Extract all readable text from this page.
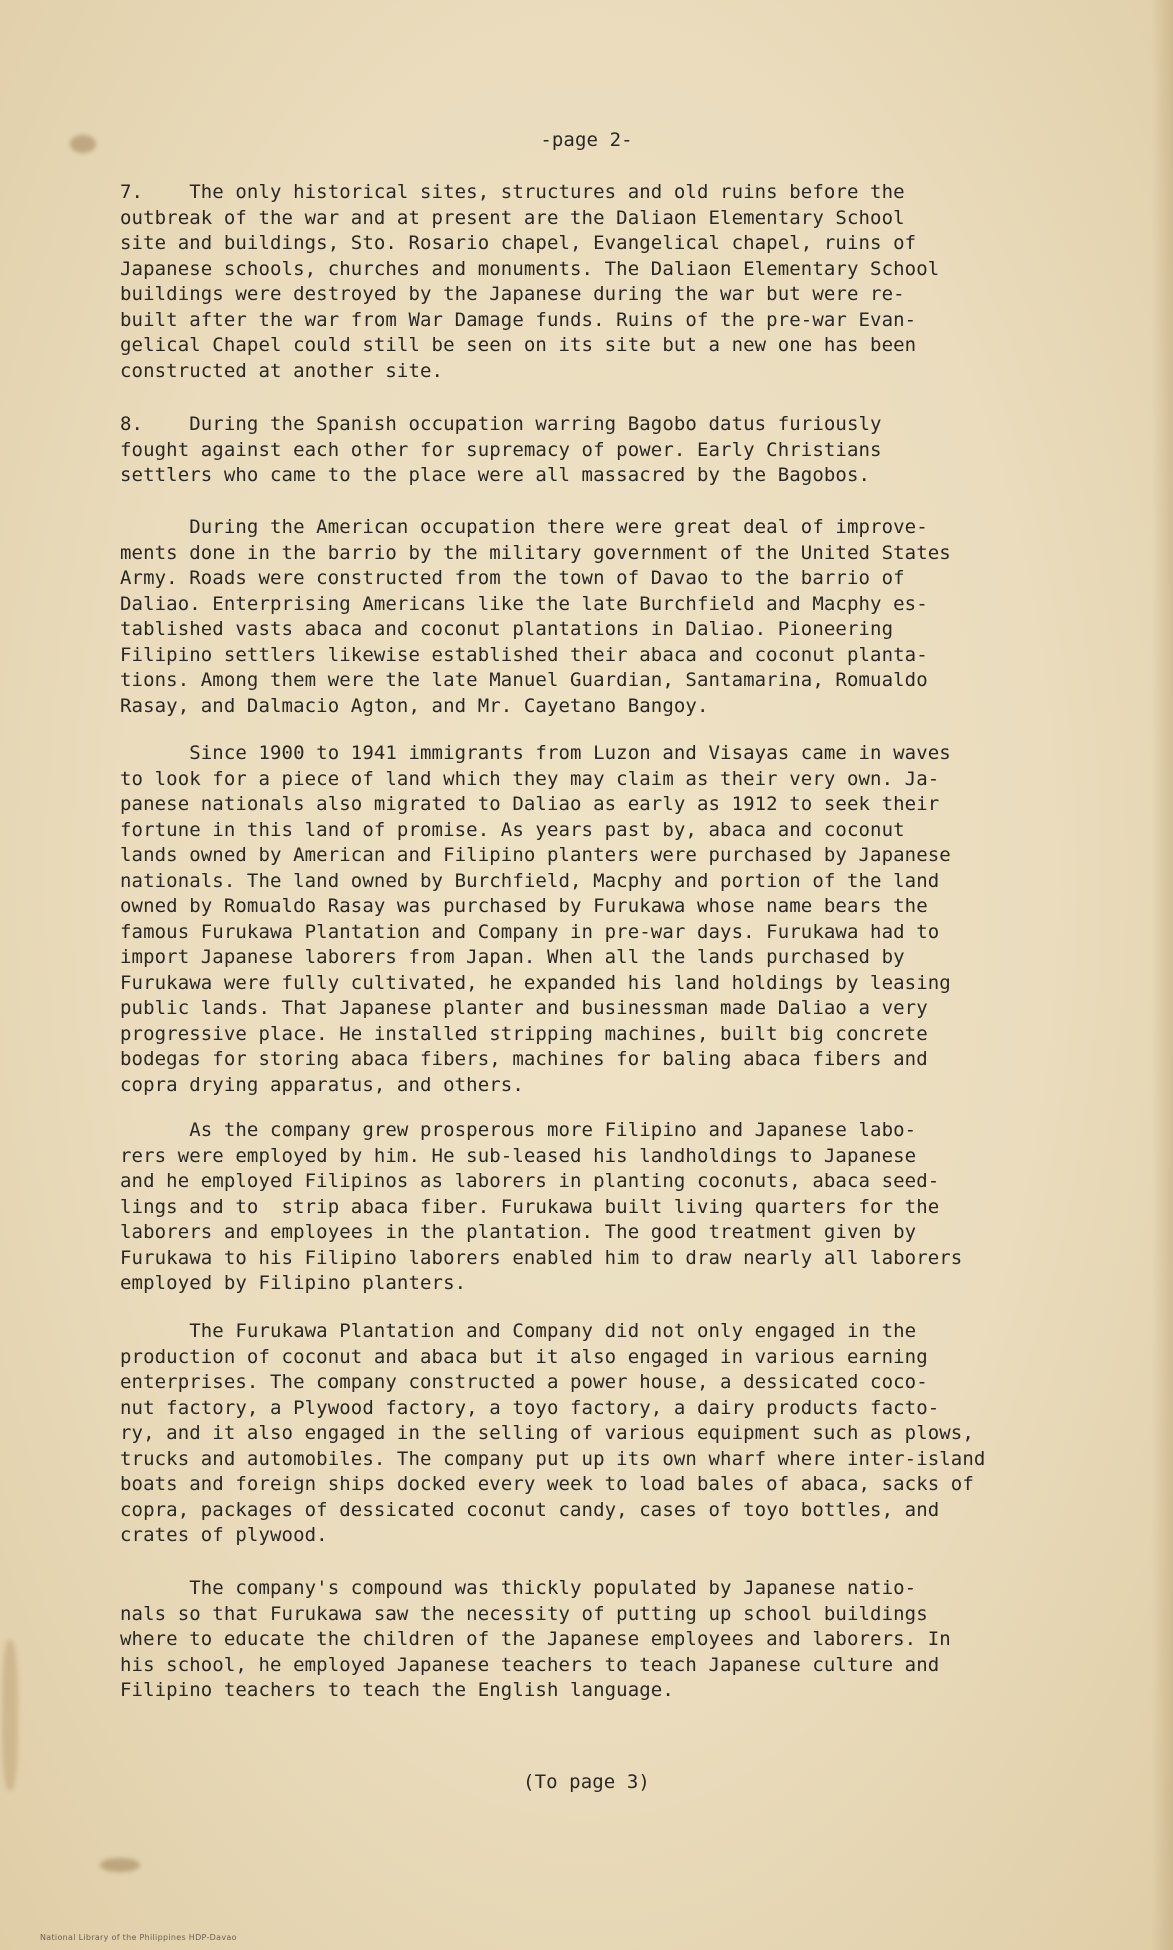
-page 2-
7.    The only historical sites, structures and old ruins before the
outbreak of the war and at present are the Daliaon Elementary School
site and buildings, Sto. Rosario chapel, Evangelical chapel, ruins of
Japanese schools, churches and monuments. The Daliaon Elementary School
buildings were destroyed by the Japanese during the war but were re-
built after the war from War Damage funds. Ruins of the pre-war Evan-
gelical Chapel could still be seen on its site but a new one has been
constructed at another site.
8.    During the Spanish occupation warring Bagobo datus furiously
fought against each other for supremacy of power. Early Christians
settlers who came to the place were all massacred by the Bagobos.
During the American occupation there were great deal of improve-
ments done in the barrio by the military government of the United States
Army. Roads were constructed from the town of Davao to the barrio of
Daliao. Enterprising Americans like the late Burchfield and Macphy es-
tablished vasts abaca and coconut plantations in Daliao. Pioneering
Filipino settlers likewise established their abaca and coconut planta-
tions. Among them were the late Manuel Guardian, Santamarina, Romualdo
Rasay, and Dalmacio Agton, and Mr. Cayetano Bangoy.
Since 1900 to 1941 immigrants from Luzon and Visayas came in waves
to look for a piece of land which they may claim as their very own. Ja-
panese nationals also migrated to Daliao as early as 1912 to seek their
fortune in this land of promise. As years past by, abaca and coconut
lands owned by American and Filipino planters were purchased by Japanese
nationals. The land owned by Burchfield, Macphy and portion of the land
owned by Romualdo Rasay was purchased by Furukawa whose name bears the
famous Furukawa Plantation and Company in pre-war days. Furukawa had to
import Japanese laborers from Japan. When all the lands purchased by
Furukawa were fully cultivated, he expanded his land holdings by leasing
public lands. That Japanese planter and businessman made Daliao a very
progressive place. He installed stripping machines, built big concrete
bodegas for storing abaca fibers, machines for baling abaca fibers and
copra drying apparatus, and others.
As the company grew prosperous more Filipino and Japanese labo-
rers were employed by him. He sub-leased his landholdings to Japanese
and he employed Filipinos as laborers in planting coconuts, abaca seed-
lings and to  strip abaca fiber. Furukawa built living quarters for the
laborers and employees in the plantation. The good treatment given by
Furukawa to his Filipino laborers enabled him to draw nearly all laborers
employed by Filipino planters.
The Furukawa Plantation and Company did not only engaged in the
production of coconut and abaca but it also engaged in various earning
enterprises. The company constructed a power house, a dessicated coco-
nut factory, a Plywood factory, a toyo factory, a dairy products facto-
ry, and it also engaged in the selling of various equipment such as plows,
trucks and automobiles. The company put up its own wharf where inter-island
boats and foreign ships docked every week to load bales of abaca, sacks of
copra, packages of dessicated coconut candy, cases of toyo bottles, and
crates of plywood.
The company's compound was thickly populated by Japanese natio-
nals so that Furukawa saw the necessity of putting up school buildings
where to educate the children of the Japanese employees and laborers. In
his school, he employed Japanese teachers to teach Japanese culture and
Filipino teachers to teach the English language.
(To page 3)
National Library of the Philippines HDP-Davao
